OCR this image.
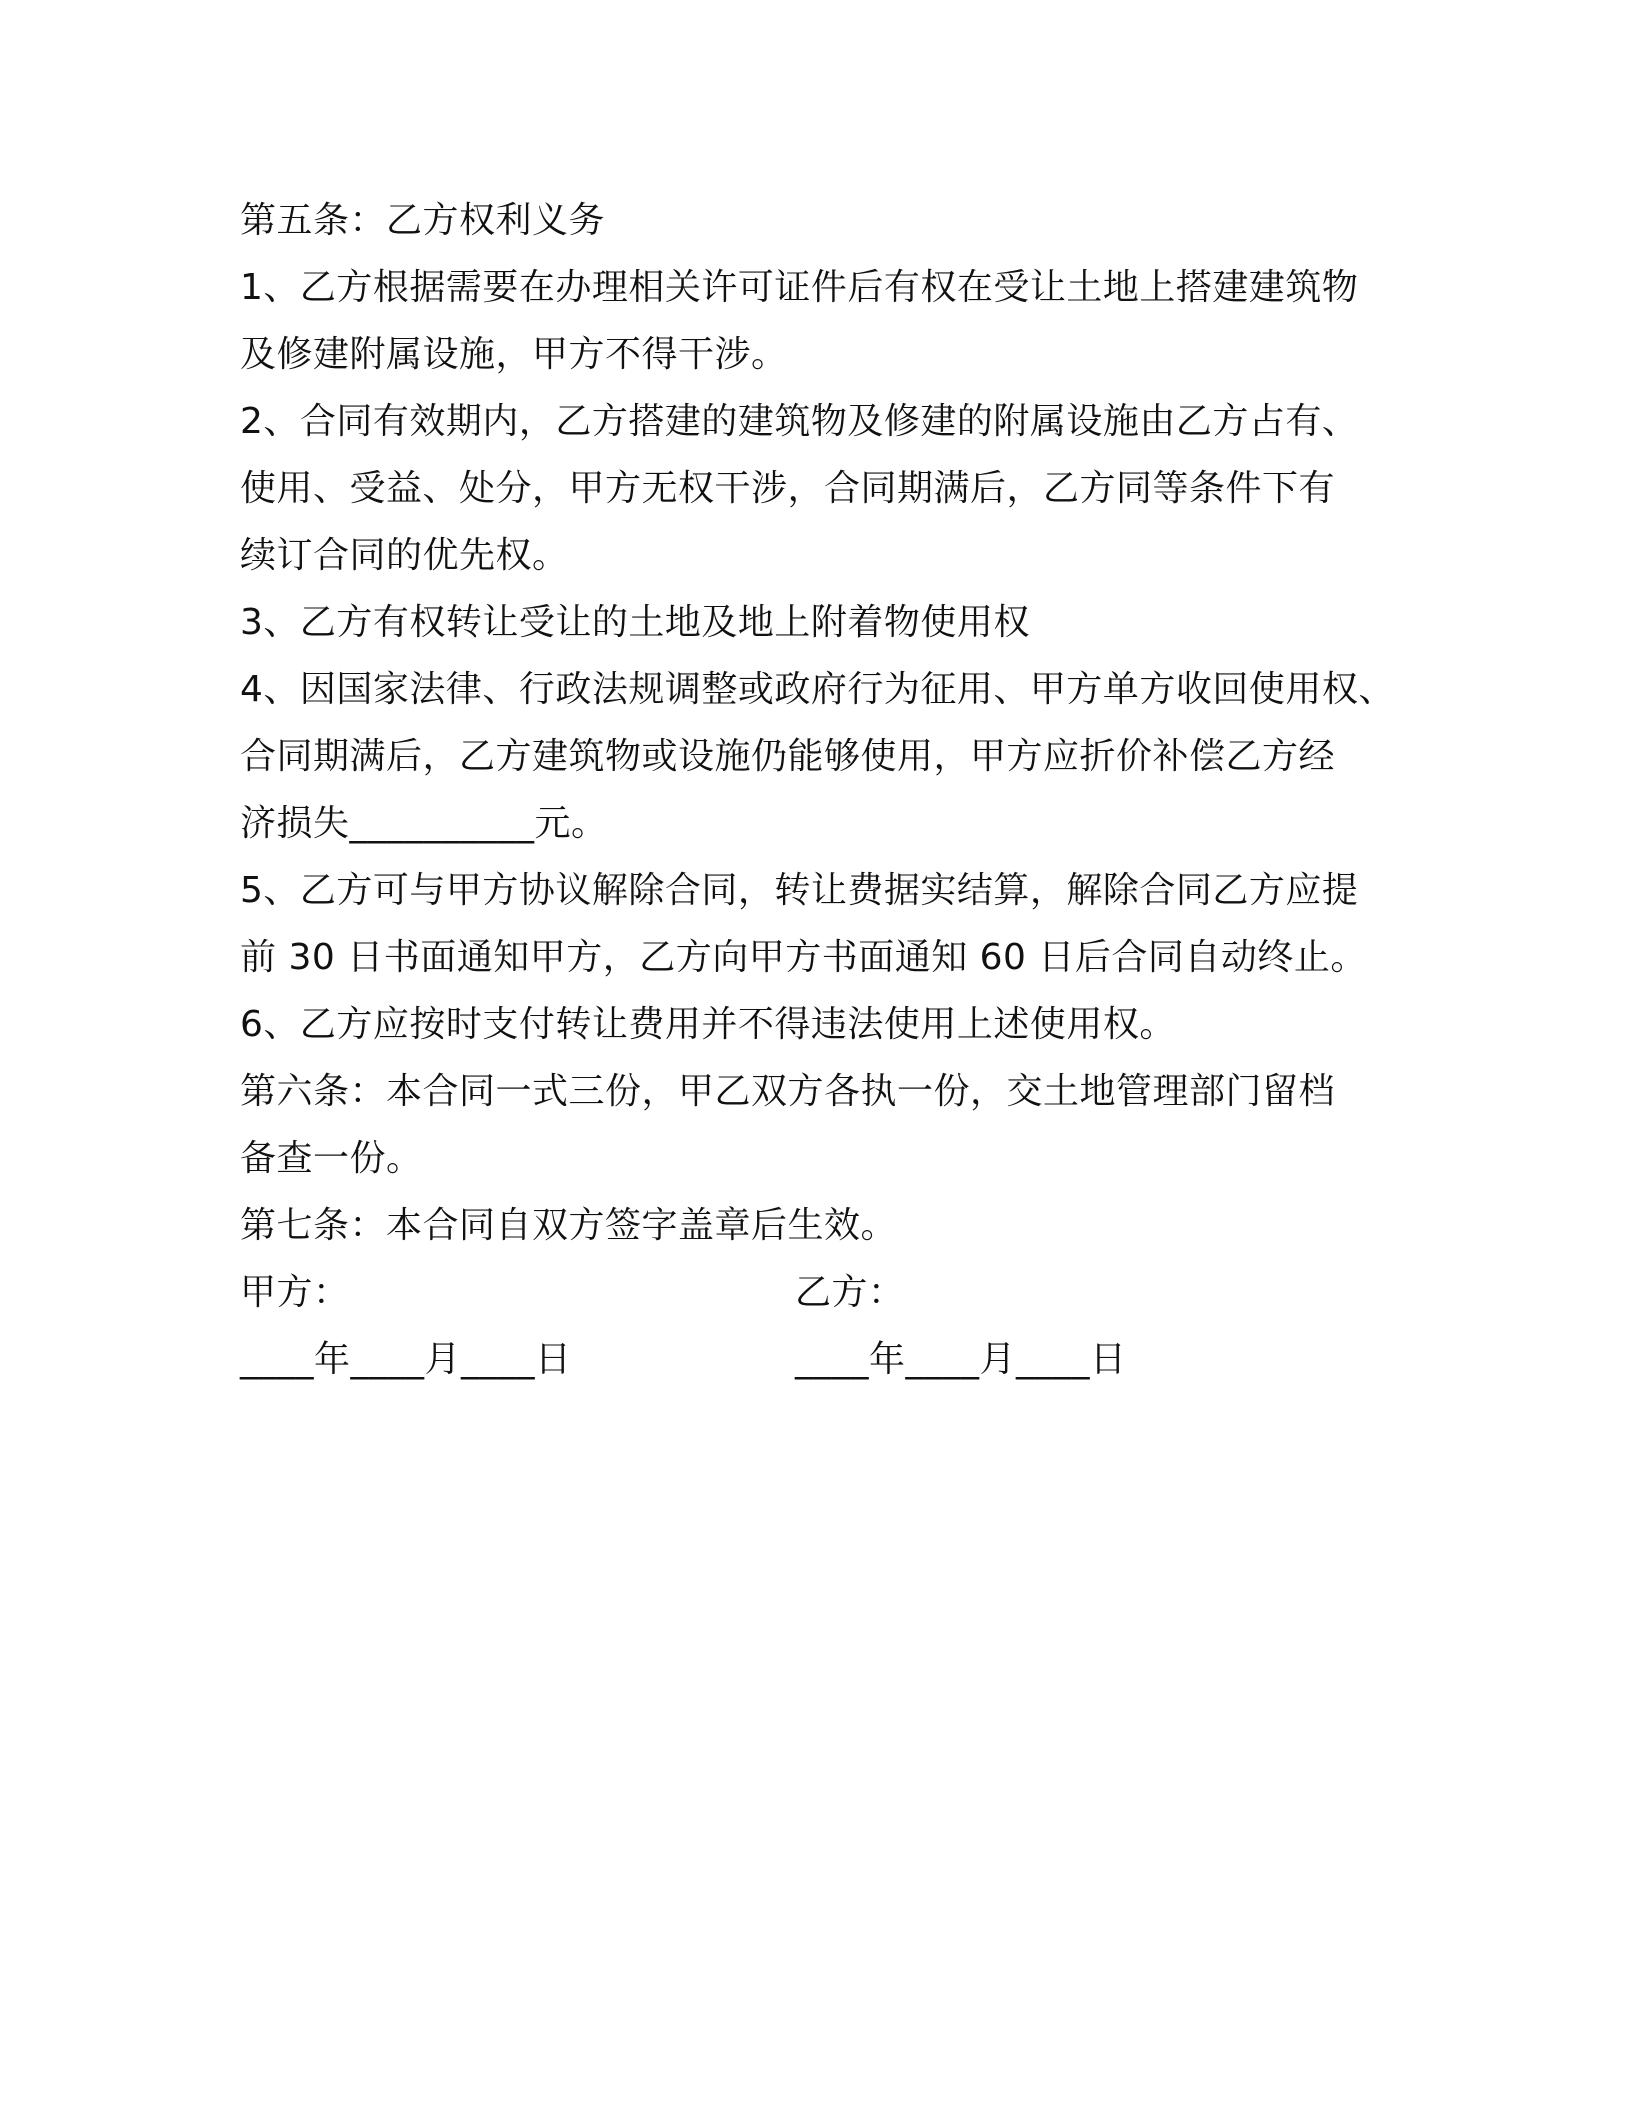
第五条：乙方权利义务
1、乙方根据需要在办理相关许可证件后有权在受让土地上搭建建筑物
及修建附属设施，甲方不得干涉。
2、合同有效期内，乙方搭建的建筑物及修建的附属设施由乙方占有、
使用、受益、处分，甲方无权干涉，合同期满后，乙方同等条件下有
续订合同的优先权。
3、乙方有权转让受让的土地及地上附着物使用权
4、因国家法律、行政法规调整或政府行为征用、甲方单方收回使用权、
合同期满后，乙方建筑物或设施仍能够使用，甲方应折价补偿乙方经
济损失__________元。
5、乙方可与甲方协议解除合同，转让费据实结算，解除合同乙方应提
前 30 日书面通知甲方，乙方向甲方书面通知 60 日后合同自动终止。
6、乙方应按时支付转让费用并不得违法使用上述使用权。
第六条：本合同一式三份，甲乙双方各执一份，交土地管理部门留档
备查一份。
第七条：本合同自双方签字盖章后生效。
甲方：	乙方：
____年____月____日	____年____月____日
